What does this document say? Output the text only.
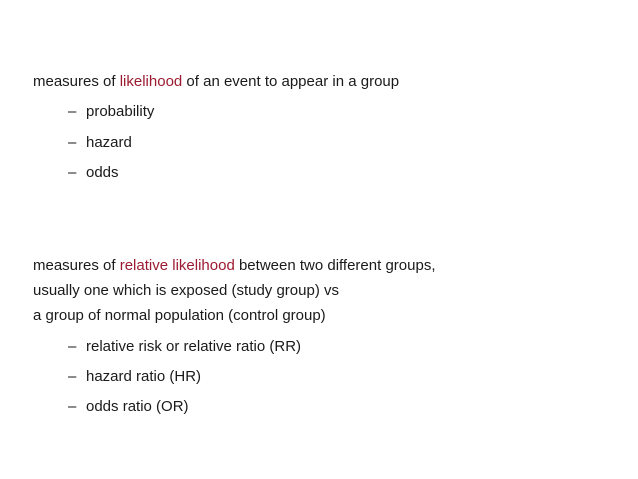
measures of likelihood of an event to appear in a group
– probability
– hazard
– odds
measures of relative likelihood between two different groups,
usually one which is exposed (study group) vs
a group of normal population (control group)
– relative risk or relative ratio (RR)
– hazard ratio (HR)
– odds ratio (OR)
